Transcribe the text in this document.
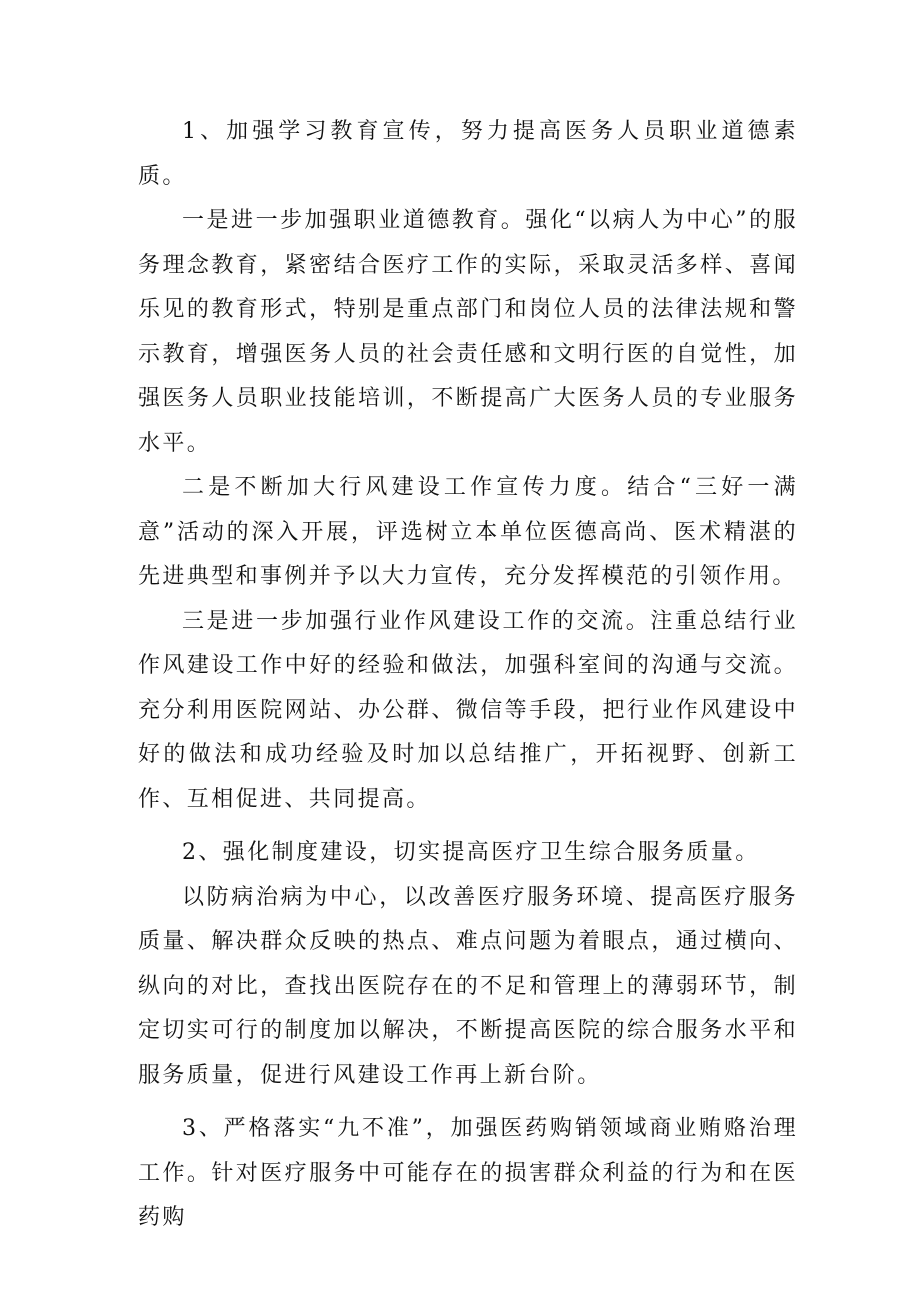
1、加强学习教育宣传，努力提高医务人员职业道德素质。

一是进一步加强职业道德教育。强化“以病人为中心”的服务理念教育，紧密结合医疗工作的实际，采取灵活多样、喜闻乐见的教育形式，特别是重点部门和岗位人员的法律法规和警示教育，增强医务人员的社会责任感和文明行医的自觉性，加强医务人员职业技能培训，不断提高广大医务人员的专业服务水平。

二是不断加大行风建设工作宣传力度。结合“三好一满意”活动的深入开展，评选树立本单位医德高尚、医术精湛的先进典型和事例并予以大力宣传，充分发挥模范的引领作用。

三是进一步加强行业作风建设工作的交流。注重总结行业作风建设工作中好的经验和做法，加强科室间的沟通与交流。充分利用医院网站、办公群、微信等手段，把行业作风建设中好的做法和成功经验及时加以总结推广，开拓视野、创新工作、互相促进、共同提高。

2、强化制度建设，切实提高医疗卫生综合服务质量。

以防病治病为中心，以改善医疗服务环境、提高医疗服务质量、解决群众反映的热点、难点问题为着眼点，通过横向、纵向的对比，查找出医院存在的不足和管理上的薄弱环节，制定切实可行的制度加以解决，不断提高医院的综合服务水平和服务质量，促进行风建设工作再上新台阶。

3、严格落实“九不准”，加强医药购销领域商业贿赂治理工作。针对医疗服务中可能存在的损害群众利益的行为和在医药购
